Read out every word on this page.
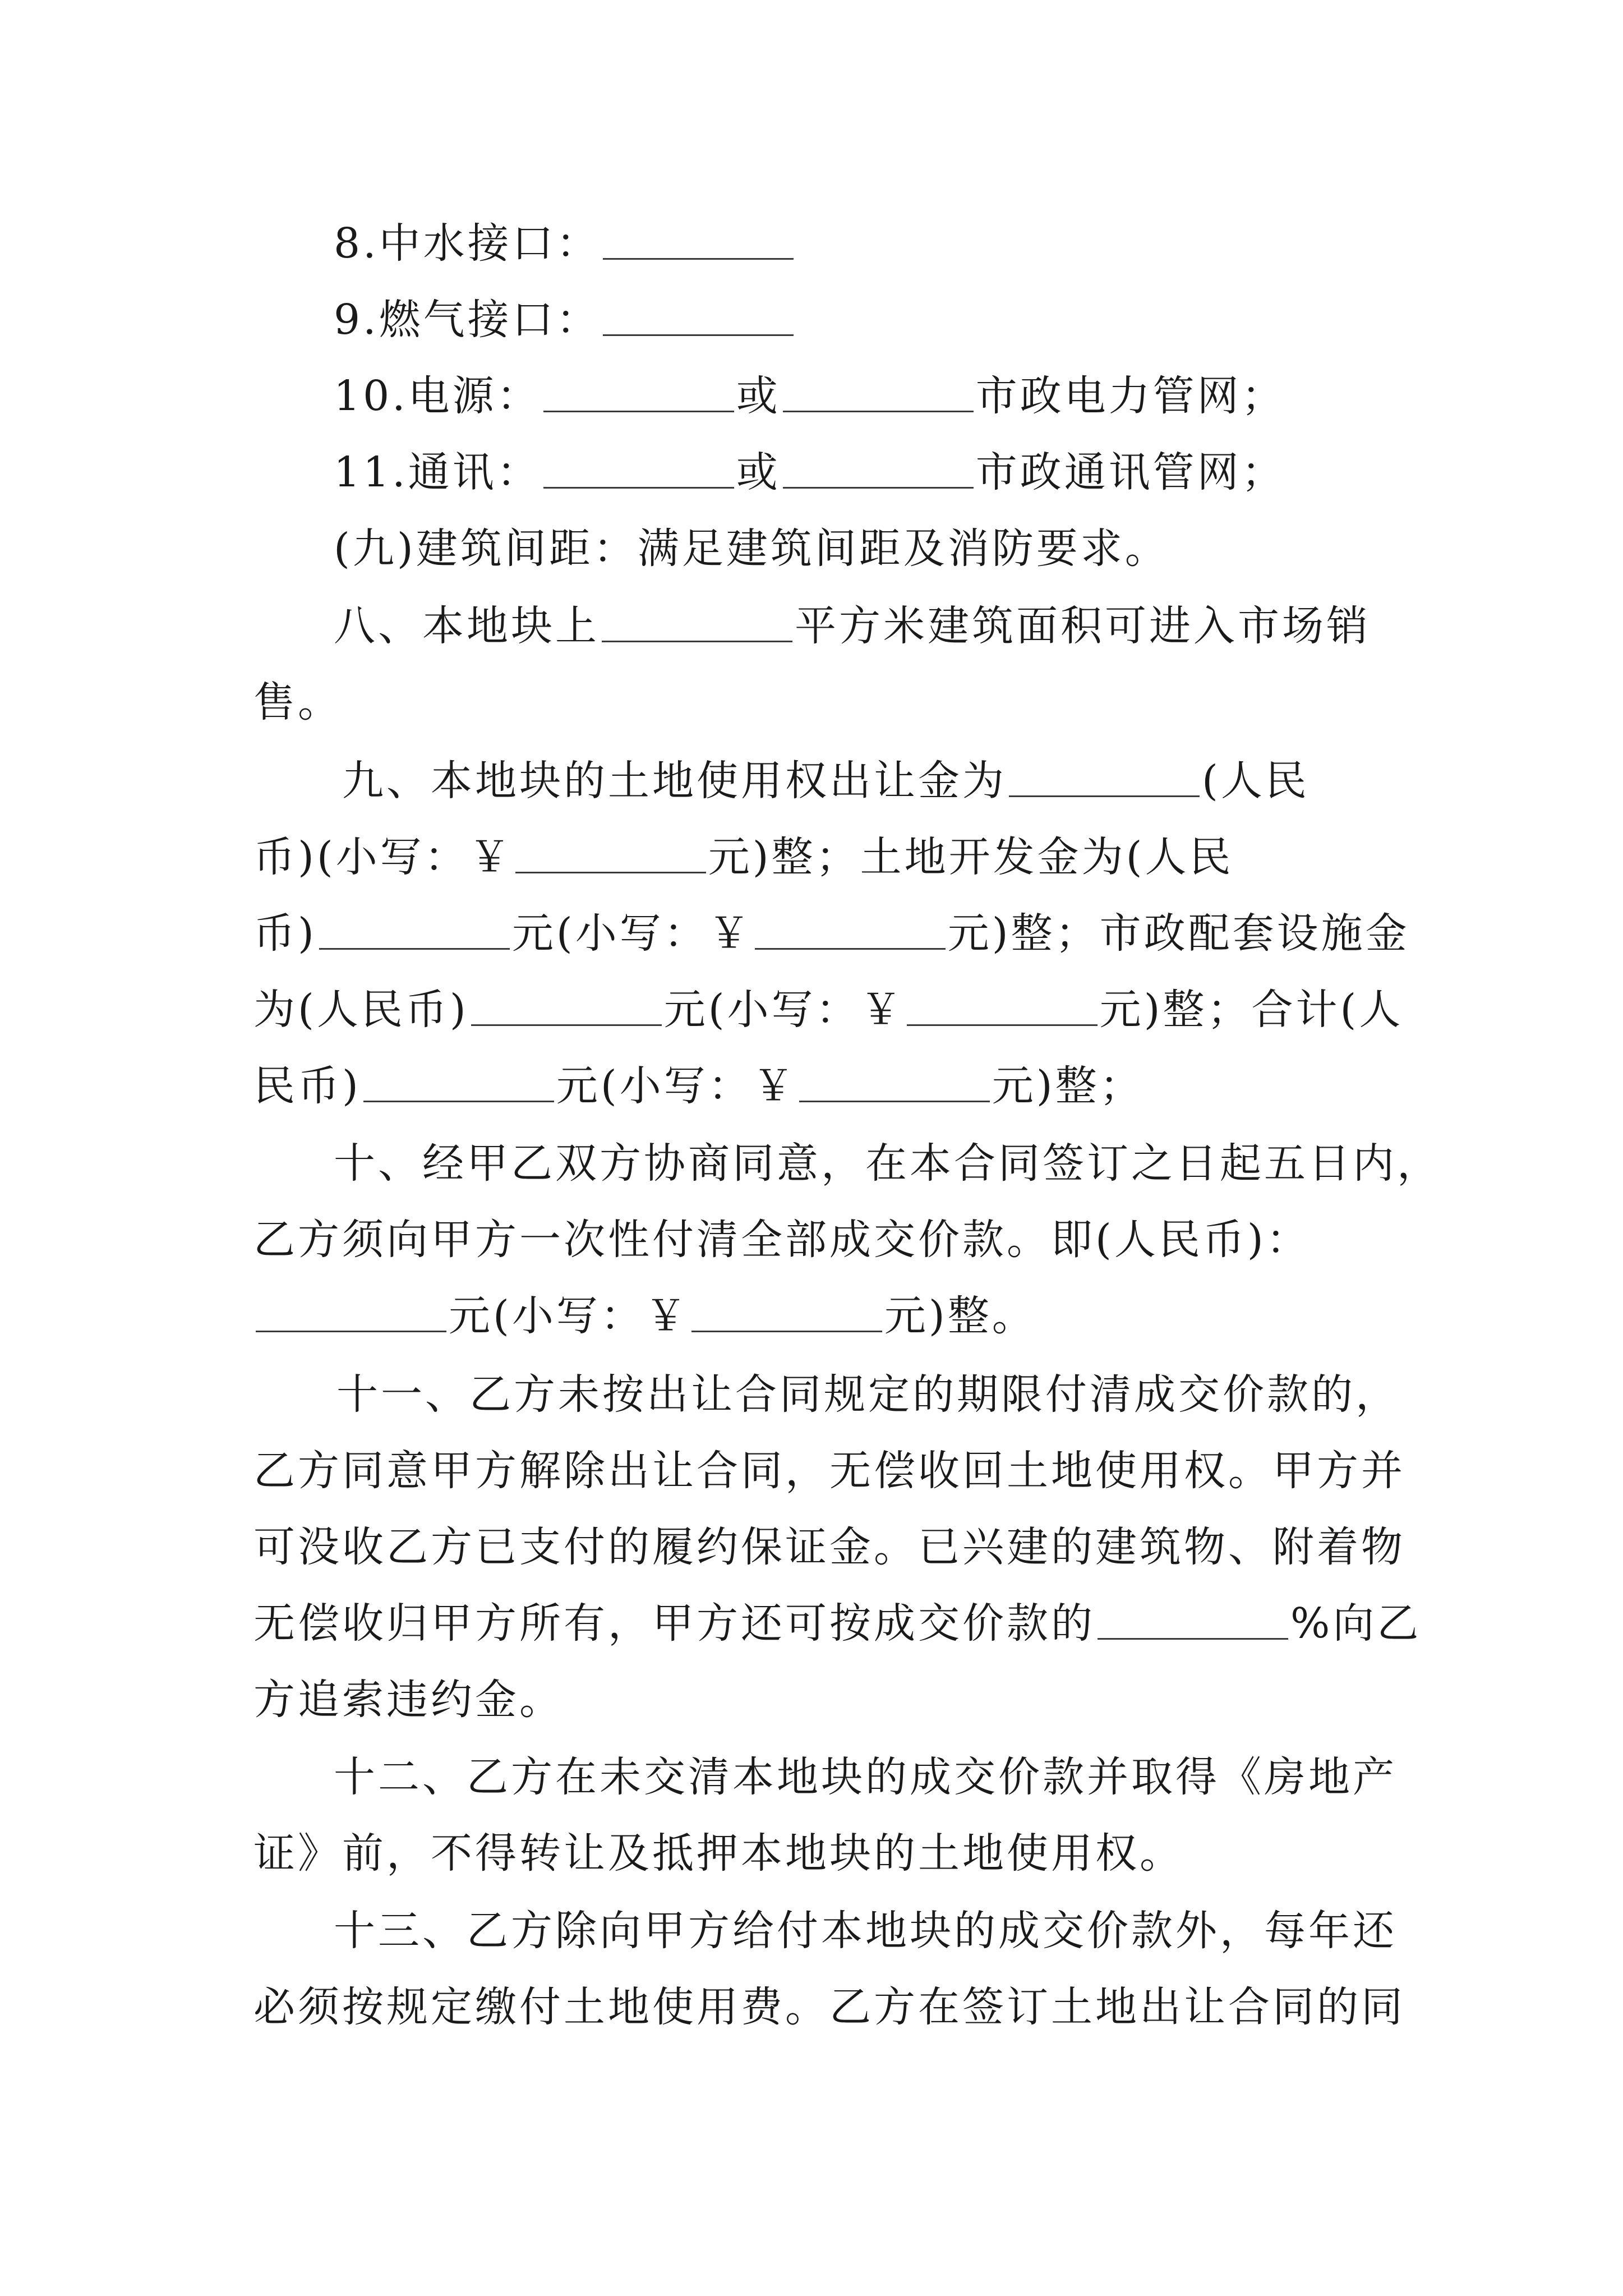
8.中水接口：
9.燃气接口：
10.电源：	或	市政电力管网；
11.通讯：	或	市政通讯管网；
(九)建筑间距：满足建筑间距及消防要求。
八、本地块上	平方米建筑面积可进入市场销
售。
九、本地块的土地使用权出让金为	(人民
币)(小写：￥	元)整；土地开发金为(人民
币)	元(小写：￥	元)整；市政配套设施金
为(人民币)	元(小写：￥	元)整；合计(人
民币)	元(小写：￥	元)整；
十、经甲乙双方协商同意，在本合同签订之日起五日内，
乙方须向甲方一次性付清全部成交价款。即(人民币)：
元(小写：￥	元)整。
十一、乙方未按出让合同规定的期限付清成交价款的，
乙方同意甲方解除出让合同，无偿收回土地使用权。甲方并
可没收乙方已支付的履约保证金。已兴建的建筑物、附着物
无偿收归甲方所有，甲方还可按成交价款的	%向乙
方追索违约金。
十二、乙方在未交清本地块的成交价款并取得《房地产
证》前，不得转让及抵押本地块的土地使用权。
十三、乙方除向甲方给付本地块的成交价款外，每年还
必须按规定缴付土地使用费。乙方在签订土地出让合同的同
